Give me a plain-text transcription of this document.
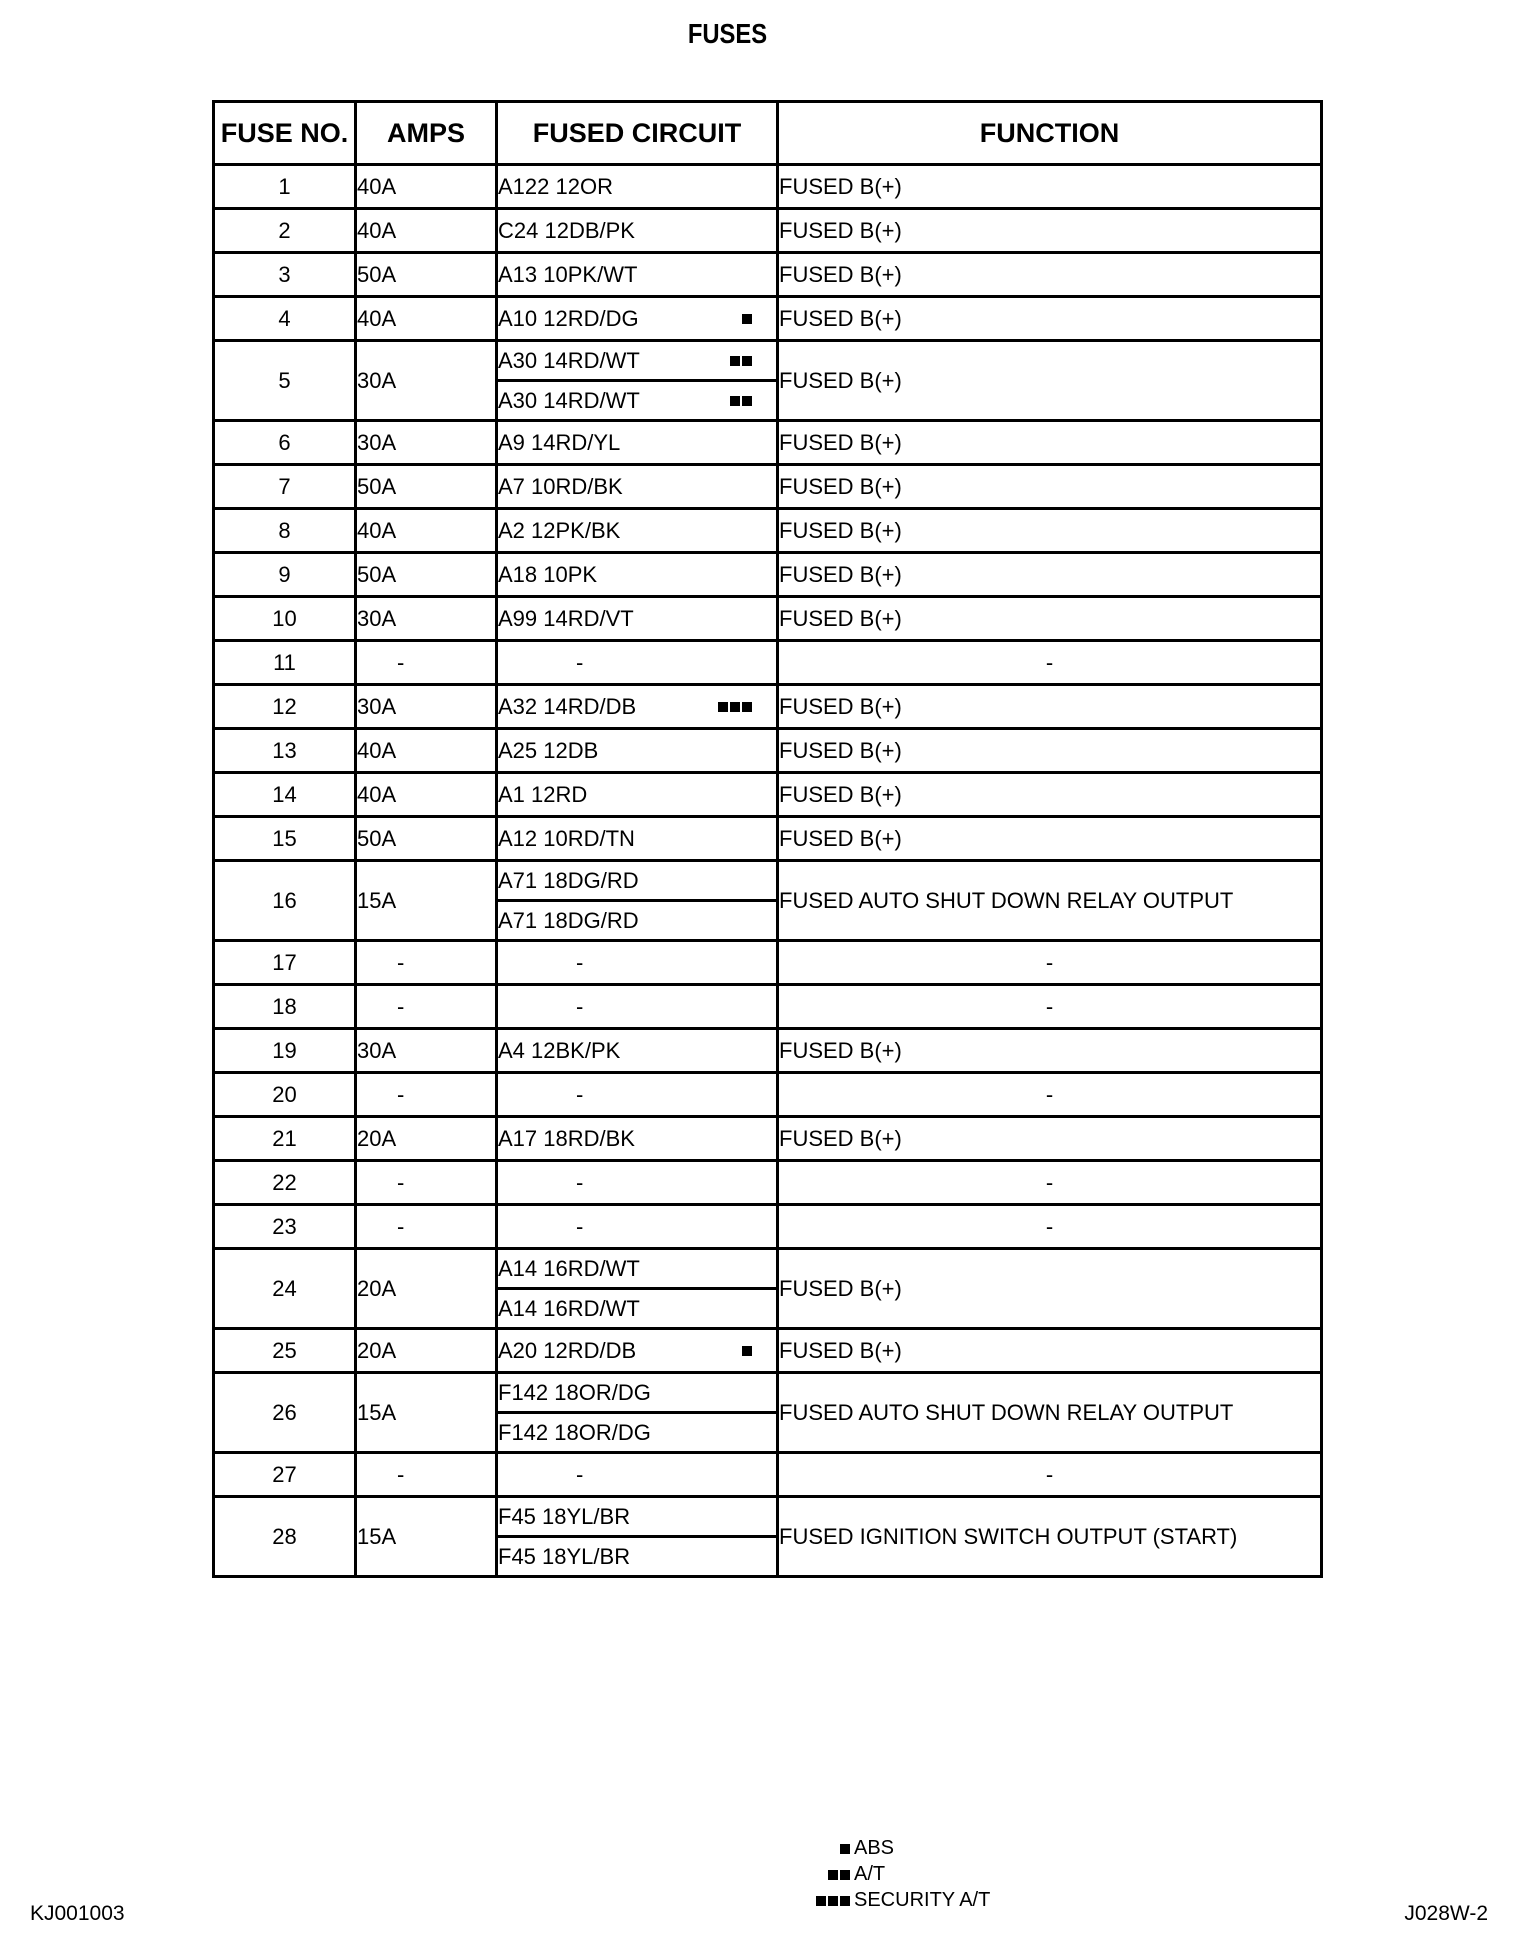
FUSES
FUSE NO.	AMPS	FUSED CIRCUIT	FUNCTION
1	40A	A122 12OR	FUSED B(+)
2	40A	C24 12DB/PK	FUSED B(+)
3	50A	A13 10PK/WT	FUSED B(+)
4	40A	A10 12RD/DG	FUSED B(+)
5	30A	A30 14RD/WT	FUSED B(+)
		A30 14RD/WT	

6	30A	A9 14RD/YL	FUSED B(+)
7	50A	A7 10RD/BK	FUSED B(+)
8	40A	A2 12PK/BK	FUSED B(+)
9	50A	A18 10PK	FUSED B(+)
10	30A	A99 14RD/VT	FUSED B(+)
11	-	-	-
12	30A	A32 14RD/DB	FUSED B(+)
13	40A	A25 12DB	FUSED B(+)
14	40A	A1 12RD	FUSED B(+)
15	50A	A12 10RD/TN	FUSED B(+)
16	15A	A71 18DG/RD	FUSED AUTO SHUT DOWN RELAY OUTPUT
		A71 18DG/RD	
17	-	-	-
18	-	-	-
19	30A	A4 12BK/PK	FUSED B(+)
20	-	-	-
21	20A	A17 18RD/BK	FUSED B(+)
22	-	-	-
23	-	-	-
24	20A	A14 16RD/WT	FUSED B(+)
		A14 16RD/WT	
25	20A	A20 12RD/DB	FUSED B(+)
26	15A	F142 18OR/DG	FUSED AUTO SHUT DOWN RELAY OUTPUT
		F142 18OR/DG	
27	-	-	-
28	15A	F45 18YL/BR	FUSED IGNITION SWITCH OUTPUT (START)
		F45 18YL/BR	
ABS
A/T
SECURITY A/T
KJ001003	J028W-2
